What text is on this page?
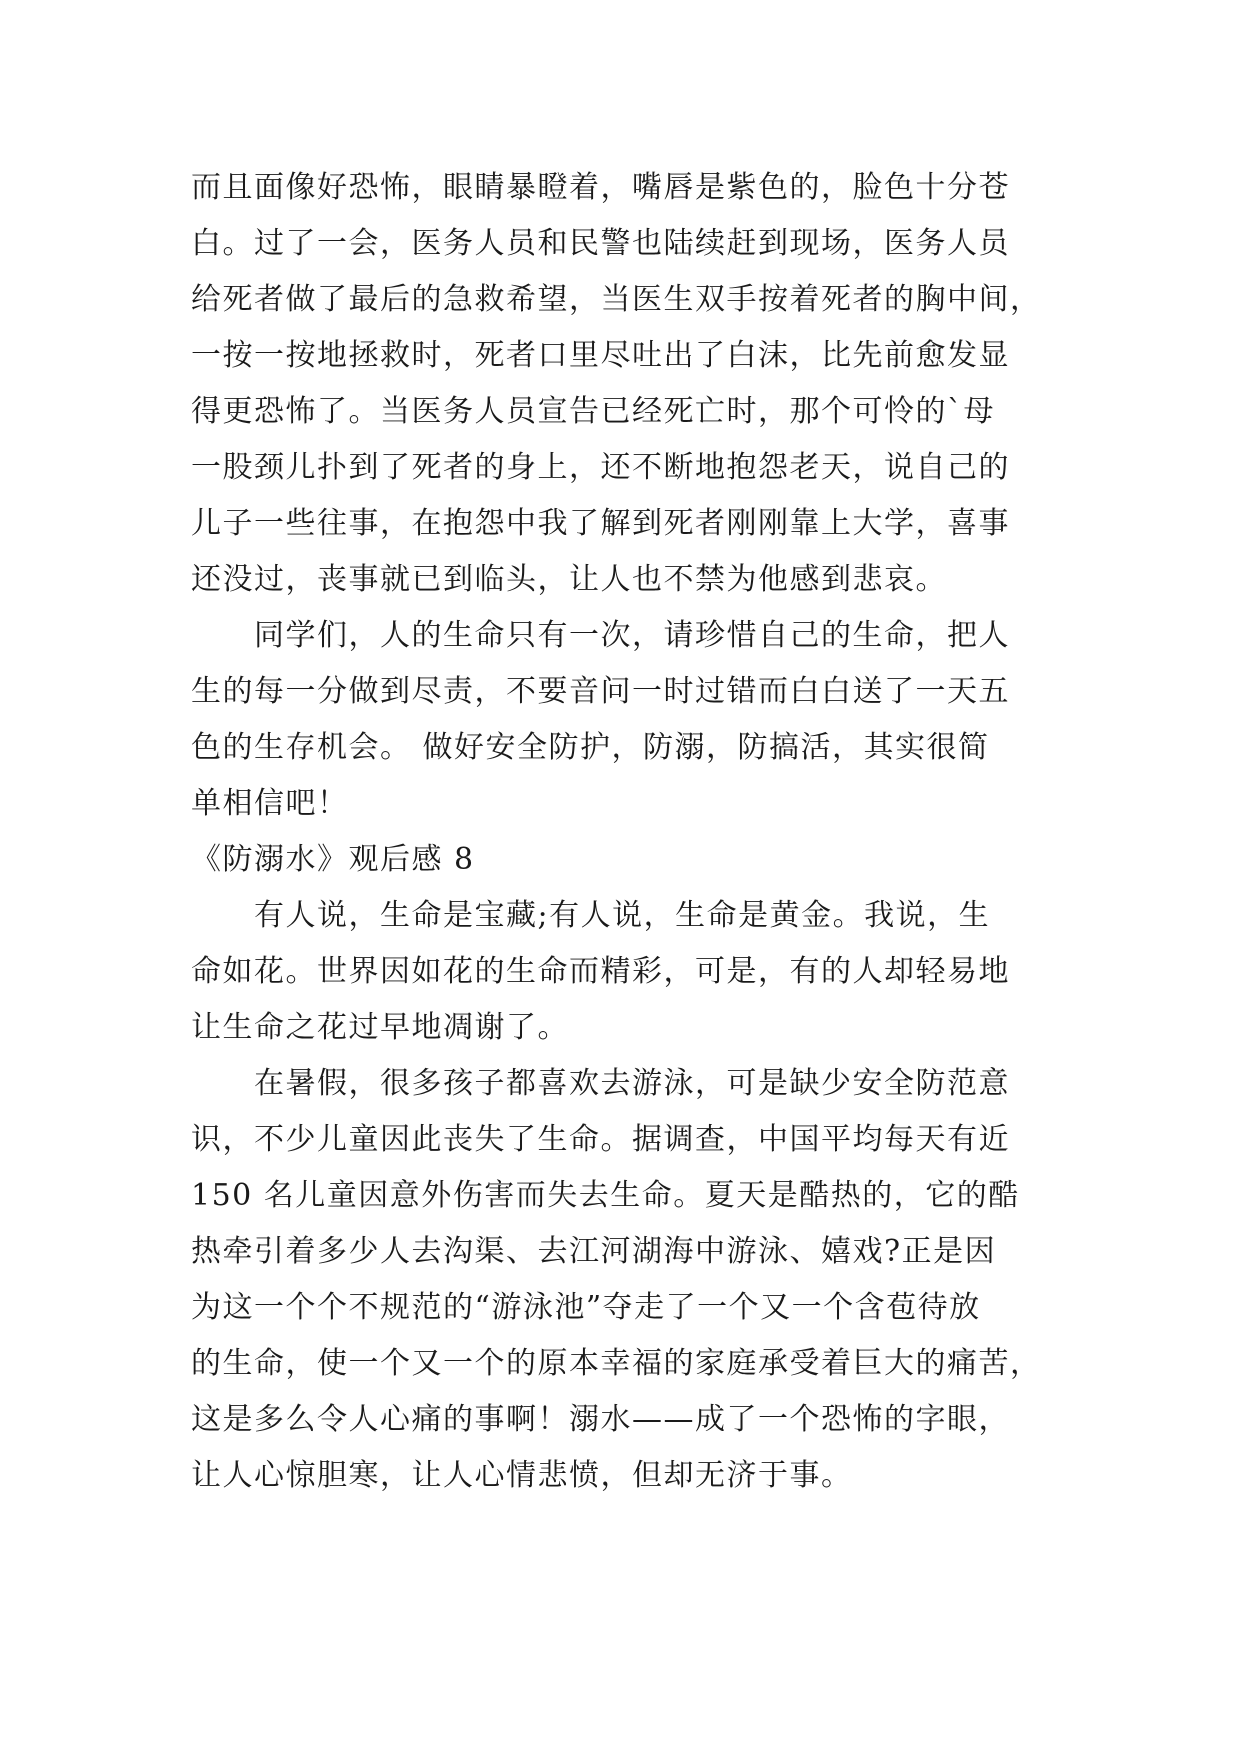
而且面像好恐怖，眼睛暴瞪着，嘴唇是紫色的，脸色十分苍
白。过了一会，医务人员和民警也陆续赶到现场，医务人员
给死者做了最后的急救希望，当医生双手按着死者的胸中间，
一按一按地拯救时，死者口里尽吐出了白沫，比先前愈发显
得更恐怖了。当医务人员宣告已经死亡时，那个可怜的`母
一股颈儿扑到了死者的身上，还不断地抱怨老天，说自己的
儿子一些往事，在抱怨中我了解到死者刚刚靠上大学，喜事
还没过，丧事就已到临头，让人也不禁为他感到悲哀。
　　同学们，人的生命只有一次，请珍惜自己的生命，把人
生的每一分做到尽责，不要音问一时过错而白白送了一天五
色的生存机会。 做好安全防护，防溺，防搞活，其实很简
单相信吧！
《防溺水》观后感 8
　　有人说，生命是宝藏;有人说，生命是黄金。我说，生
命如花。世界因如花的生命而精彩，可是，有的人却轻易地
让生命之花过早地凋谢了。
　　在暑假，很多孩子都喜欢去游泳，可是缺少安全防范意
识，不少儿童因此丧失了生命。据调查，中国平均每天有近
150 名儿童因意外伤害而失去生命。夏天是酷热的，它的酷
热牵引着多少人去沟渠、去江河湖海中游泳、嬉戏?正是因
为这一个个不规范的“游泳池”夺走了一个又一个含苞待放
的生命，使一个又一个的原本幸福的家庭承受着巨大的痛苦，
这是多么令人心痛的事啊！溺水——成了一个恐怖的字眼，
让人心惊胆寒，让人心情悲愤，但却无济于事。
